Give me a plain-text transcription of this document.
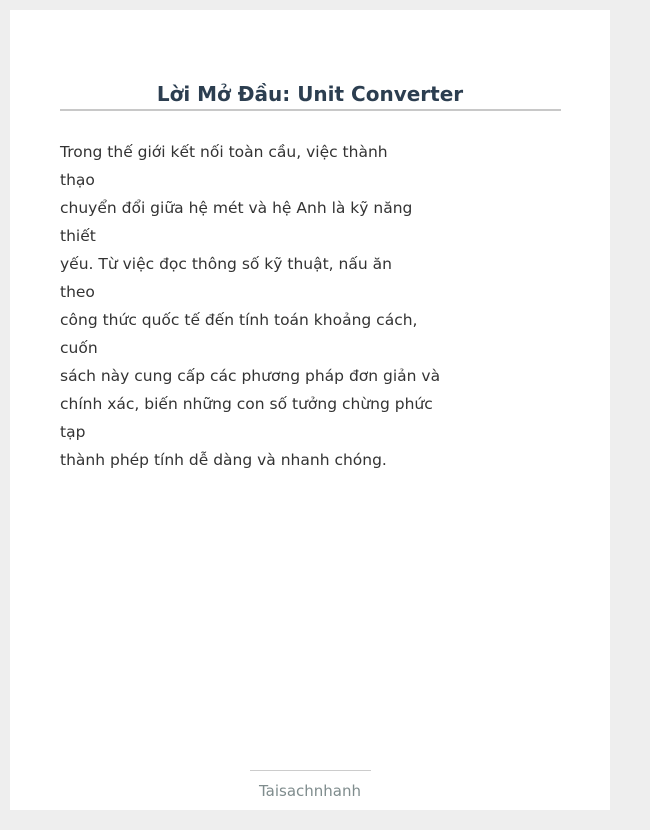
Lời Mở Đầu: Unit Converter
Trong thế giới kết nối toàn cầu, việc thành
thạo
chuyển đổi giữa hệ mét và hệ Anh là kỹ năng
thiết
yếu. Từ việc đọc thông số kỹ thuật, nấu ăn
theo
công thức quốc tế đến tính toán khoảng cách,
cuốn
sách này cung cấp các phương pháp đơn giản và
chính xác, biến những con số tưởng chừng phức
tạp
thành phép tính dễ dàng và nhanh chóng.
Taisachnhanh
